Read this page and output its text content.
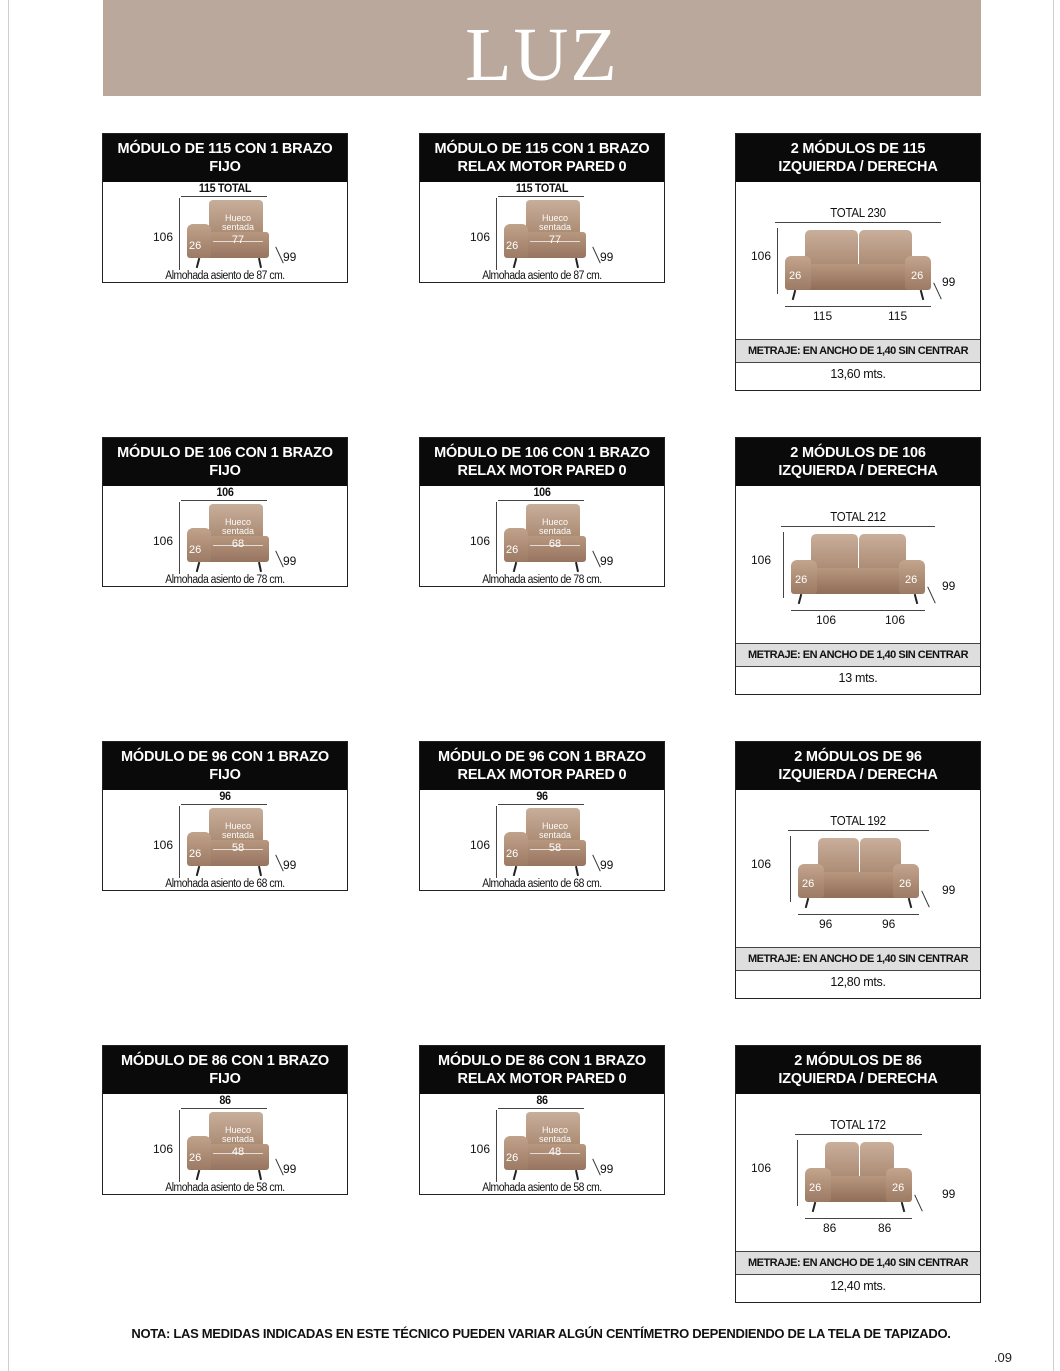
LUZ
MÓDULO DE 115 CON 1 BRAZO
FIJO
115 TOTAL
106
Hueco sentada
77
26
99
Almohada asiento de 87 cm.
MÓDULO DE 115 CON 1 BRAZO
RELAX MOTOR PARED 0
115 TOTAL
106
Hueco sentada
77
26
99
Almohada asiento de 87 cm.
2 MÓDULOS DE 115
IZQUIERDA / DERECHA
TOTAL 230
106
26	26 99
115	115
METRAJE: EN ANCHO DE 1,40 SIN CENTRAR
13,60 mts.
MÓDULO DE 106 CON 1 BRAZO
FIJO
106
106
Hueco sentada
68
26
99
Almohada asiento de 78 cm.
MÓDULO DE 106 CON 1 BRAZO
RELAX MOTOR PARED 0
106
106
Hueco sentada
68
26
99
Almohada asiento de 78 cm.
2 MÓDULOS DE 106
IZQUIERDA / DERECHA
TOTAL 212
106
26	26 99
106	106
METRAJE: EN ANCHO DE 1,40 SIN CENTRAR
13 mts.
MÓDULO DE 96 CON 1 BRAZO
FIJO
96
106
Hueco sentada
58
26
99
Almohada asiento de 68 cm.
MÓDULO DE 96 CON 1 BRAZO
RELAX MOTOR PARED 0
96
106
Hueco sentada
58
26
99
Almohada asiento de 68 cm.
2 MÓDULOS DE 96
IZQUIERDA / DERECHA
TOTAL 192
106
26	26	99
96	96
METRAJE: EN ANCHO DE 1,40 SIN CENTRAR
12,80 mts.
MÓDULO DE 86 CON 1 BRAZO
FIJO
86
106
Hueco sentada
48
26
99
Almohada asiento de 58 cm.
MÓDULO DE 86 CON 1 BRAZO
RELAX MOTOR PARED 0
86
106
Hueco sentada
48
26
99
Almohada asiento de 58 cm.
2 MÓDULOS DE 86
IZQUIERDA / DERECHA
TOTAL 172
106
26	26	99
86	86
METRAJE: EN ANCHO DE 1,40 SIN CENTRAR
12,40 mts.
NOTA: LAS MEDIDAS INDICADAS EN ESTE TÉCNICO PUEDEN VARIAR ALGÚN CENTÍMETRO DEPENDIENDO DE LA TELA DE TAPIZADO.
.09
